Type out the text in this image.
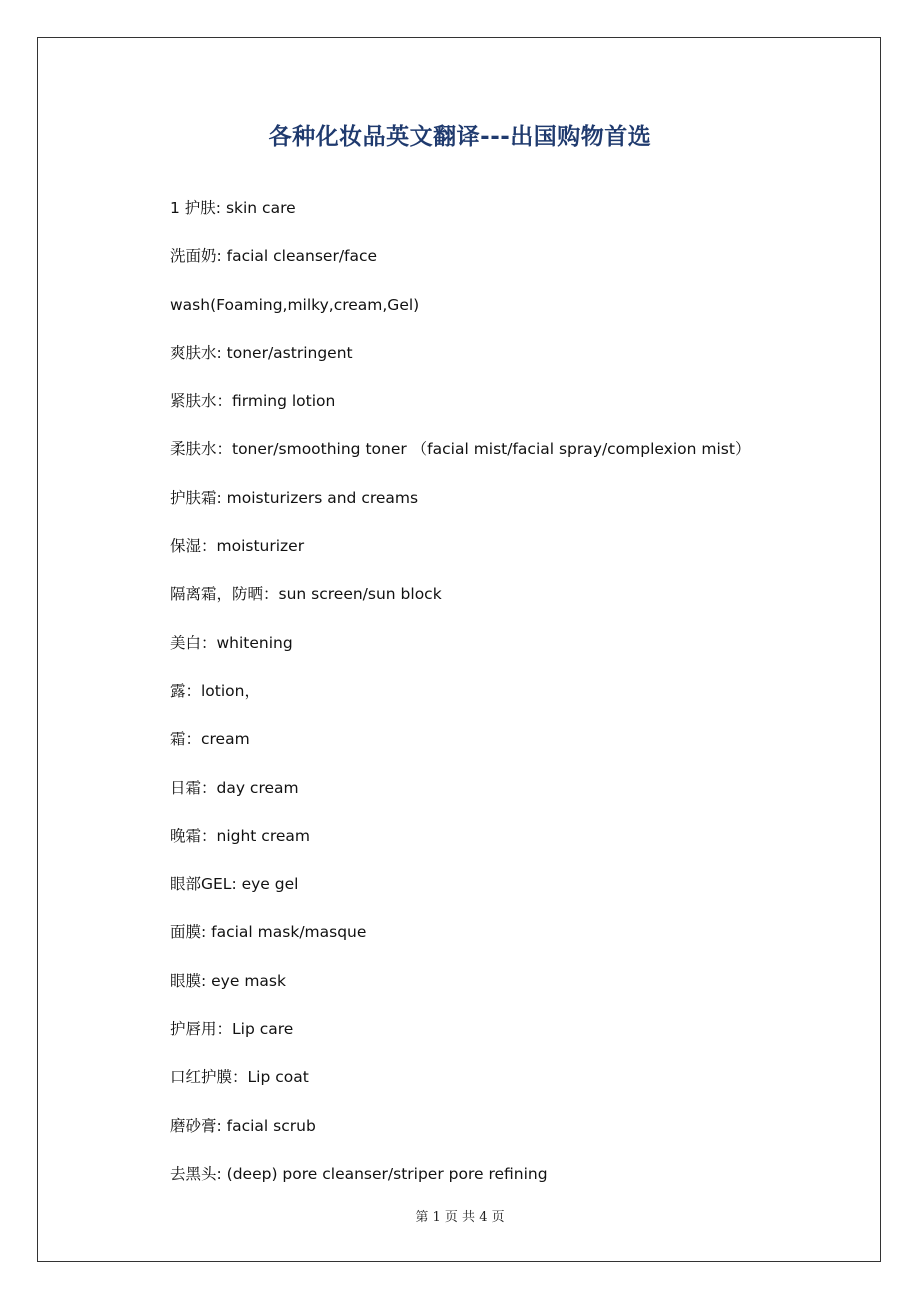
各种化妆品英文翻译---出国购物首选
1 护肤: skin care
洗面奶: facial cleanser/face
wash(Foaming,milky,cream,Gel)
爽肤水: toner/astringent
紧肤水：firming lotion
柔肤水：toner/smoothing toner （facial mist/facial spray/complexion mist）
护肤霜: moisturizers and creams
保湿：moisturizer
隔离霜，防晒：sun screen/sun block
美白：whitening
露：lotion，
霜：cream
日霜：day cream
晚霜：night cream
眼部GEL: eye gel
面膜: facial mask/masque
眼膜: eye mask
护唇用：Lip care
口红护膜：Lip coat
磨砂膏: facial scrub
去黑头: (deep) pore cleanser/striper pore refining
第 1 页 共 4 页
